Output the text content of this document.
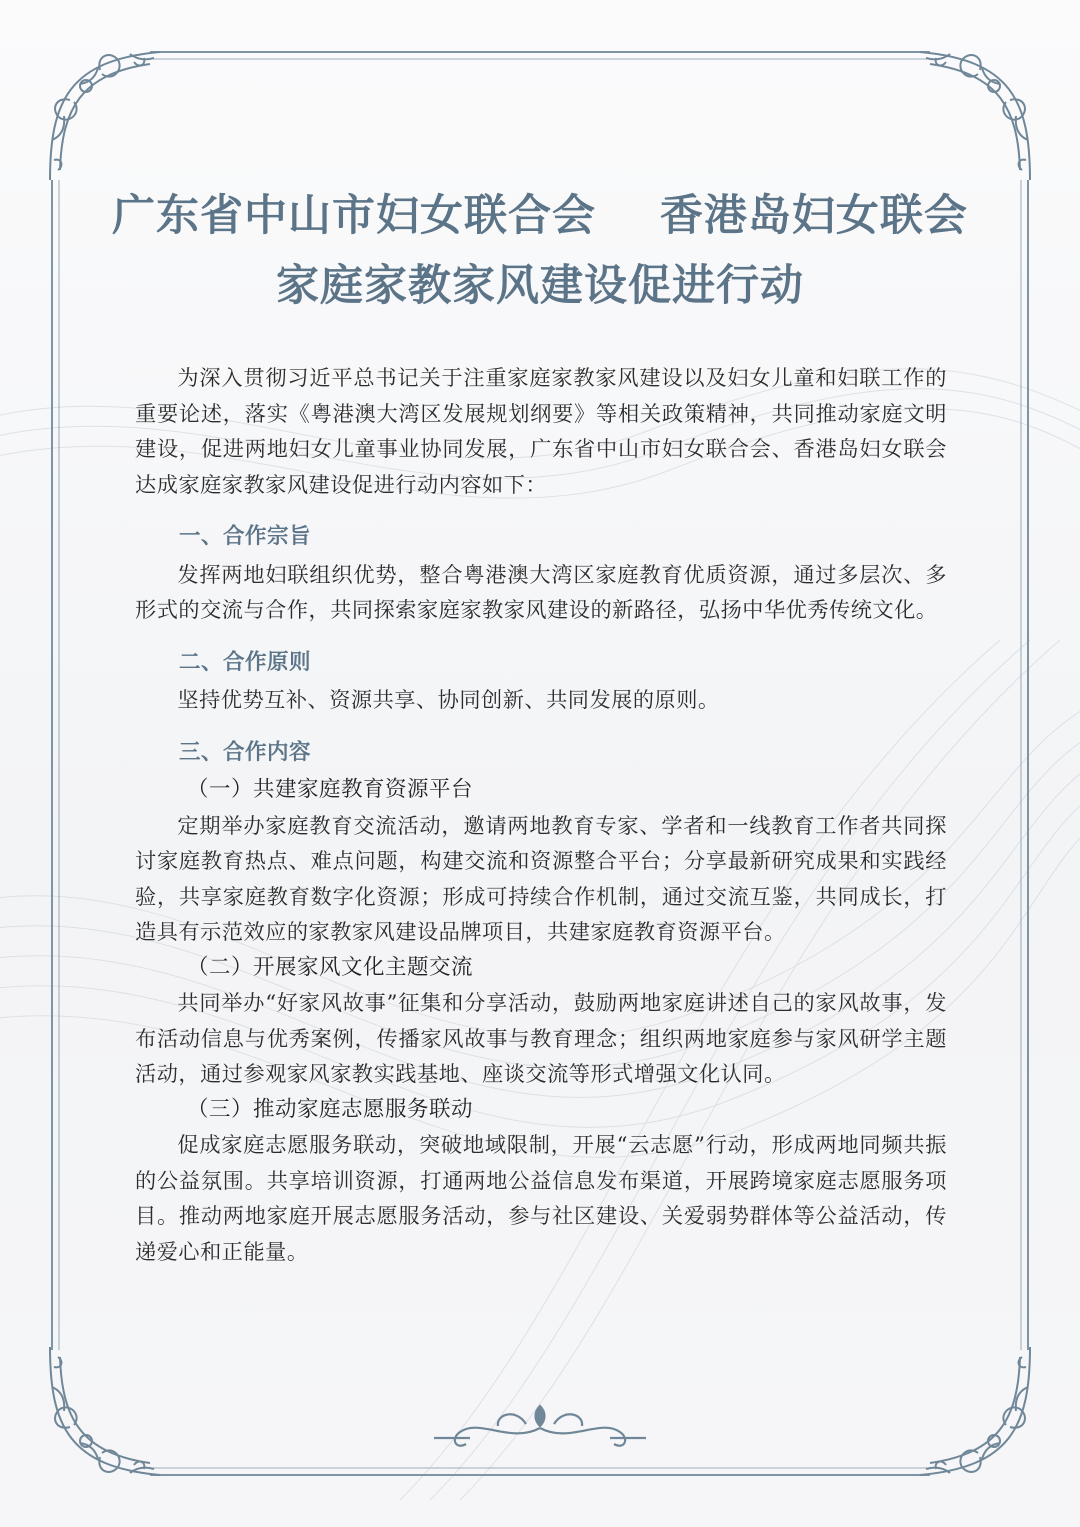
广东省中山市妇女联合会    香港岛妇女联会
家庭家教家风建设促进行动

为深入贯彻习近平总书记关于注重家庭家教家风建设以及妇女儿童和妇联工作的重要论述，落实《粤港澳大湾区发展规划纲要》等相关政策精神，共同推动家庭文明建设，促进两地妇女儿童事业协同发展，广东省中山市妇女联合会、香港岛妇女联会达成家庭家教家风建设促进行动内容如下：

一、合作宗旨

发挥两地妇联组织优势，整合粤港澳大湾区家庭教育优质资源，通过多层次、多形式的交流与合作，共同探索家庭家教家风建设的新路径，弘扬中华优秀传统文化。

二、合作原则

坚持优势互补、资源共享、协同创新、共同发展的原则。

三、合作内容

（一）共建家庭教育资源平台

定期举办家庭教育交流活动，邀请两地教育专家、学者和一线教育工作者共同探讨家庭教育热点、难点问题，构建交流和资源整合平台；分享最新研究成果和实践经验，共享家庭教育数字化资源；形成可持续合作机制，通过交流互鉴，共同成长，打造具有示范效应的家教家风建设品牌项目，共建家庭教育资源平台。

（二）开展家风文化主题交流

共同举办“好家风故事”征集和分享活动，鼓励两地家庭讲述自己的家风故事，发布活动信息与优秀案例，传播家风故事与教育理念；组织两地家庭参与家风研学主题活动，通过参观家风家教实践基地、座谈交流等形式增强文化认同。

（三）推动家庭志愿服务联动

促成家庭志愿服务联动，突破地域限制，开展“云志愿”行动，形成两地同频共振的公益氛围。共享培训资源，打通两地公益信息发布渠道，开展跨境家庭志愿服务项目。推动两地家庭开展志愿服务活动，参与社区建设、关爱弱势群体等公益活动，传递爱心和正能量。
